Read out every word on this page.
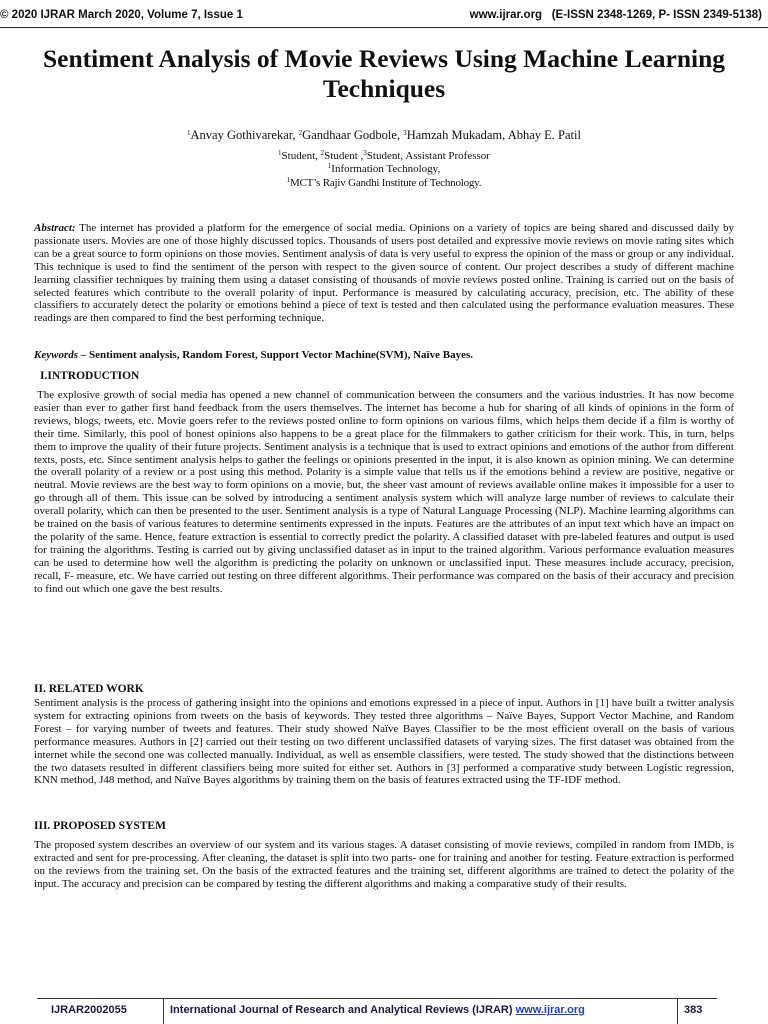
© 2020 IJRAR March 2020, Volume 7, Issue 1	www.ijrar.org (E-ISSN 2348-1269, P- ISSN 2349-5138)
Sentiment Analysis of Movie Reviews Using Machine Learning Techniques
$^1$Anvay Gothivarekar, $^2$Gandhaar Godbole, $^3$Hamzah Mukadam, Abhay E. Patil
$^1$Student, $^2$Student ,$^3$Student, Assistant Professor
$^1$Information Technology,
$^1$MCT’s Rajiv Gandhi Institute of Technology.
Abstract: The internet has provided a platform for the emergence of social media. Opinions on a variety of topics are being shared and discussed daily by passionate users. Movies are one of those highly discussed topics. Thousands of users post detailed and expressive movie reviews on movie rating sites which can be a great source to form opinions on those movies. Sentiment analysis of data is very useful to express the opinion of the mass or group or any individual. This technique is used to find the sentiment of the person with respect to the given source of content. Our project describes a study of different machine learning classifier techniques by training them using a dataset consisting of thousands of movie reviews posted online. Training is carried out on the basis of selected features which contribute to the overall polarity of input. Performance is measured by calculating accuracy, precision, etc. The ability of these classifiers to accurately detect the polarity or emotions behind a piece of text is tested and then calculated using the performance evaluation measures. These readings are then compared to find the best performing technique.
Keywords – Sentiment analysis, Random Forest, Support Vector Machine(SVM), Naïve Bayes.
I.INTRODUCTION
The explosive growth of social media has opened a new channel of communication between the consumers and the various industries. It has now become easier than ever to gather first hand feedback from the users themselves. The internet has become a hub for sharing of all kinds of opinions in the form of reviews, blogs, tweets, etc. Movie goers refer to the reviews posted online to form opinions on various films, which helps them decide if a film is worthy of their time. Similarly, this pool of honest opinions also happens to be a great place for the filmmakers to gather criticism for their work. This, in turn, helps them to improve the quality of their future projects. Sentiment analysis is a technique that is used to extract opinions and emotions of the author from different texts, posts, etc. Since sentiment analysis helps to gather the feelings or opinions presented in the input, it is also known as opinion mining. We can determine the overall polarity of a review or a post using this method. Polarity is a simple value that tells us if the emotions behind a review are positive, negative or neutral. Movie reviews are the best way to form opinions on a movie, but, the sheer vast amount of reviews available online makes it impossible for a user to go through all of them. This issue can be solved by introducing a sentiment analysis system which will analyze large number of reviews to calculate their overall polarity, which can then be presented to the user. Sentiment analysis is a type of Natural Language Processing (NLP). Machine learning algorithms can be trained on the basis of various features to determine sentiments expressed in the inputs. Features are the attributes of an input text which have an impact on the polarity of the same. Hence, feature extraction is essential to correctly predict the polarity. A classified dataset with pre-labeled features and output is used for training the algorithms. Testing is carried out by giving unclassified dataset as in input to the trained algorithm. Various performance evaluation measures can be used to determine how well the algorithm is predicting the polarity on unknown or unclassified input. These measures include accuracy, precision, recall, F- measure, etc. We have carried out testing on three different algorithms. Their performance was compared on the basis of their accuracy and precision to find out which one gave the best results.
II. RELATED WORK
Sentiment analysis is the process of gathering insight into the opinions and emotions expressed in a piece of input. Authors in [1] have built a twitter analysis system for extracting opinions from tweets on the basis of keywords. They tested three algorithms – Naïve Bayes, Support Vector Machine, and Random Forest – for varying number of tweets and features. Their study showed Naïve Bayes Classifier to be the most efficient overall on the basis of various performance measures. Authors in [2] carried out their testing on two different unclassified datasets of varying sizes. The first dataset was obtained from the internet while the second one was collected manually. Individual, as well as ensemble classifiers, were tested. The study showed that the distinctions between the two datasets resulted in different classifiers being more suited for either set. Authors in [3] performed a comparative study between Logistic regression, KNN method, J48 method, and Naïve Bayes algorithms by training them on the basis of features extracted using the TF-IDF method.
III. PROPOSED SYSTEM
The proposed system describes an overview of our system and its various stages. A dataset consisting of movie reviews, compiled in random from IMDb, is extracted and sent for pre-processing. After cleaning, the dataset is split into two parts- one for training and another for testing. Feature extraction is performed on the reviews from the training set. On the basis of the extracted features and the training set, different algorithms are trained to detect the polarity of the input. The accuracy and precision can be compared by testing the different algorithms and making a comparative study of their results.
IJRAR2002055	International Journal of Research and Analytical Reviews (IJRAR) www.ijrar.org	383
